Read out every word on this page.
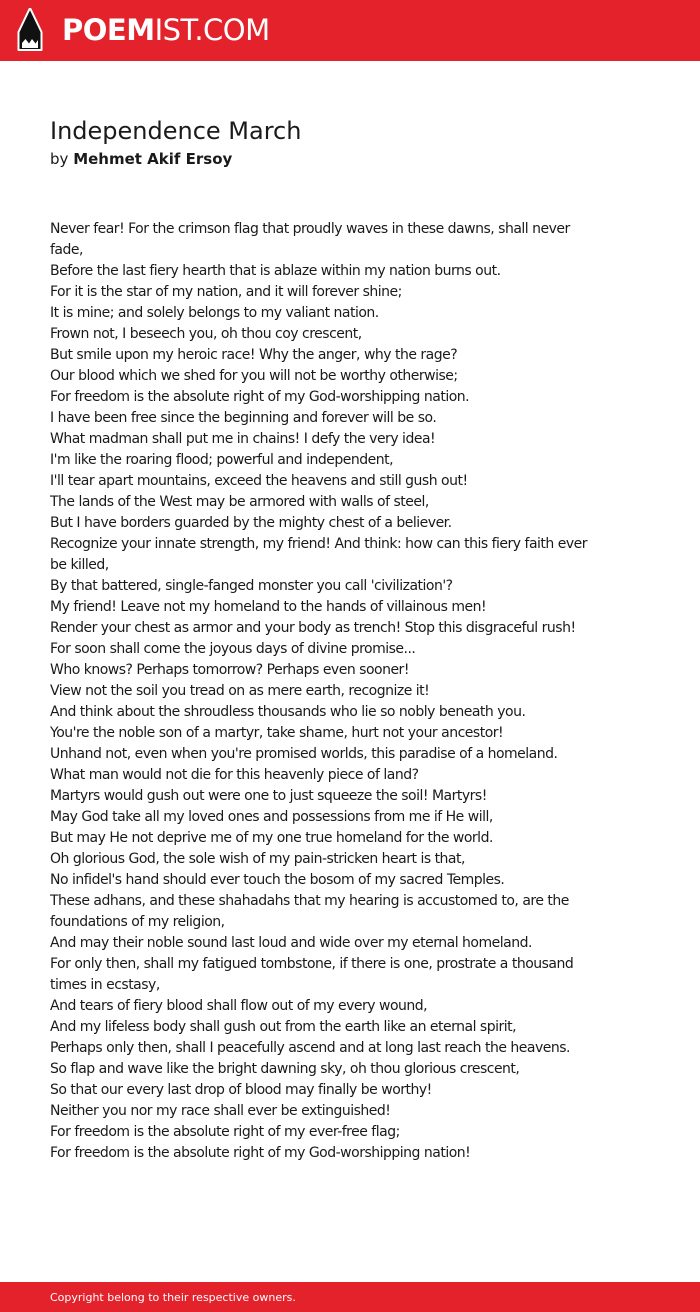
POEMIST.COM
Independence March
by Mehmet Akif Ersoy
Never fear! For the crimson flag that proudly waves in these dawns, shall never fade,
Before the last fiery hearth that is ablaze within my nation burns out.
For it is the star of my nation, and it will forever shine;
It is mine; and solely belongs to my valiant nation.
Frown not, I beseech you, oh thou coy crescent,
But smile upon my heroic race! Why the anger, why the rage?
Our blood which we shed for you will not be worthy otherwise;
For freedom is the absolute right of my God-worshipping nation.
I have been free since the beginning and forever will be so.
What madman shall put me in chains! I defy the very idea!
I'm like the roaring flood; powerful and independent,
I'll tear apart mountains, exceed the heavens and still gush out!
The lands of the West may be armored with walls of steel,
But I have borders guarded by the mighty chest of a believer.
Recognize your innate strength, my friend! And think: how can this fiery faith ever be killed,
By that battered, single-fanged monster you call 'civilization'?
My friend! Leave not my homeland to the hands of villainous men!
Render your chest as armor and your body as trench! Stop this disgraceful rush!
For soon shall come the joyous days of divine promise...
Who knows? Perhaps tomorrow? Perhaps even sooner!
View not the soil you tread on as mere earth, recognize it!
And think about the shroudless thousands who lie so nobly beneath you.
You're the noble son of a martyr, take shame, hurt not your ancestor!
Unhand not, even when you're promised worlds, this paradise of a homeland.
What man would not die for this heavenly piece of land?
Martyrs would gush out were one to just squeeze the soil! Martyrs!
May God take all my loved ones and possessions from me if He will,
But may He not deprive me of my one true homeland for the world.
Oh glorious God, the sole wish of my pain-stricken heart is that,
No infidel's hand should ever touch the bosom of my sacred Temples.
These adhans, and these shahadahs that my hearing is accustomed to, are the foundations of my religion,
And may their noble sound last loud and wide over my eternal homeland.
For only then, shall my fatigued tombstone, if there is one, prostrate a thousand times in ecstasy,
And tears of fiery blood shall flow out of my every wound,
And my lifeless body shall gush out from the earth like an eternal spirit,
Perhaps only then, shall I peacefully ascend and at long last reach the heavens.
So flap and wave like the bright dawning sky, oh thou glorious crescent,
So that our every last drop of blood may finally be worthy!
Neither you nor my race shall ever be extinguished!
For freedom is the absolute right of my ever-free flag;
For freedom is the absolute right of my God-worshipping nation!
Copyright belong to their respective owners.
